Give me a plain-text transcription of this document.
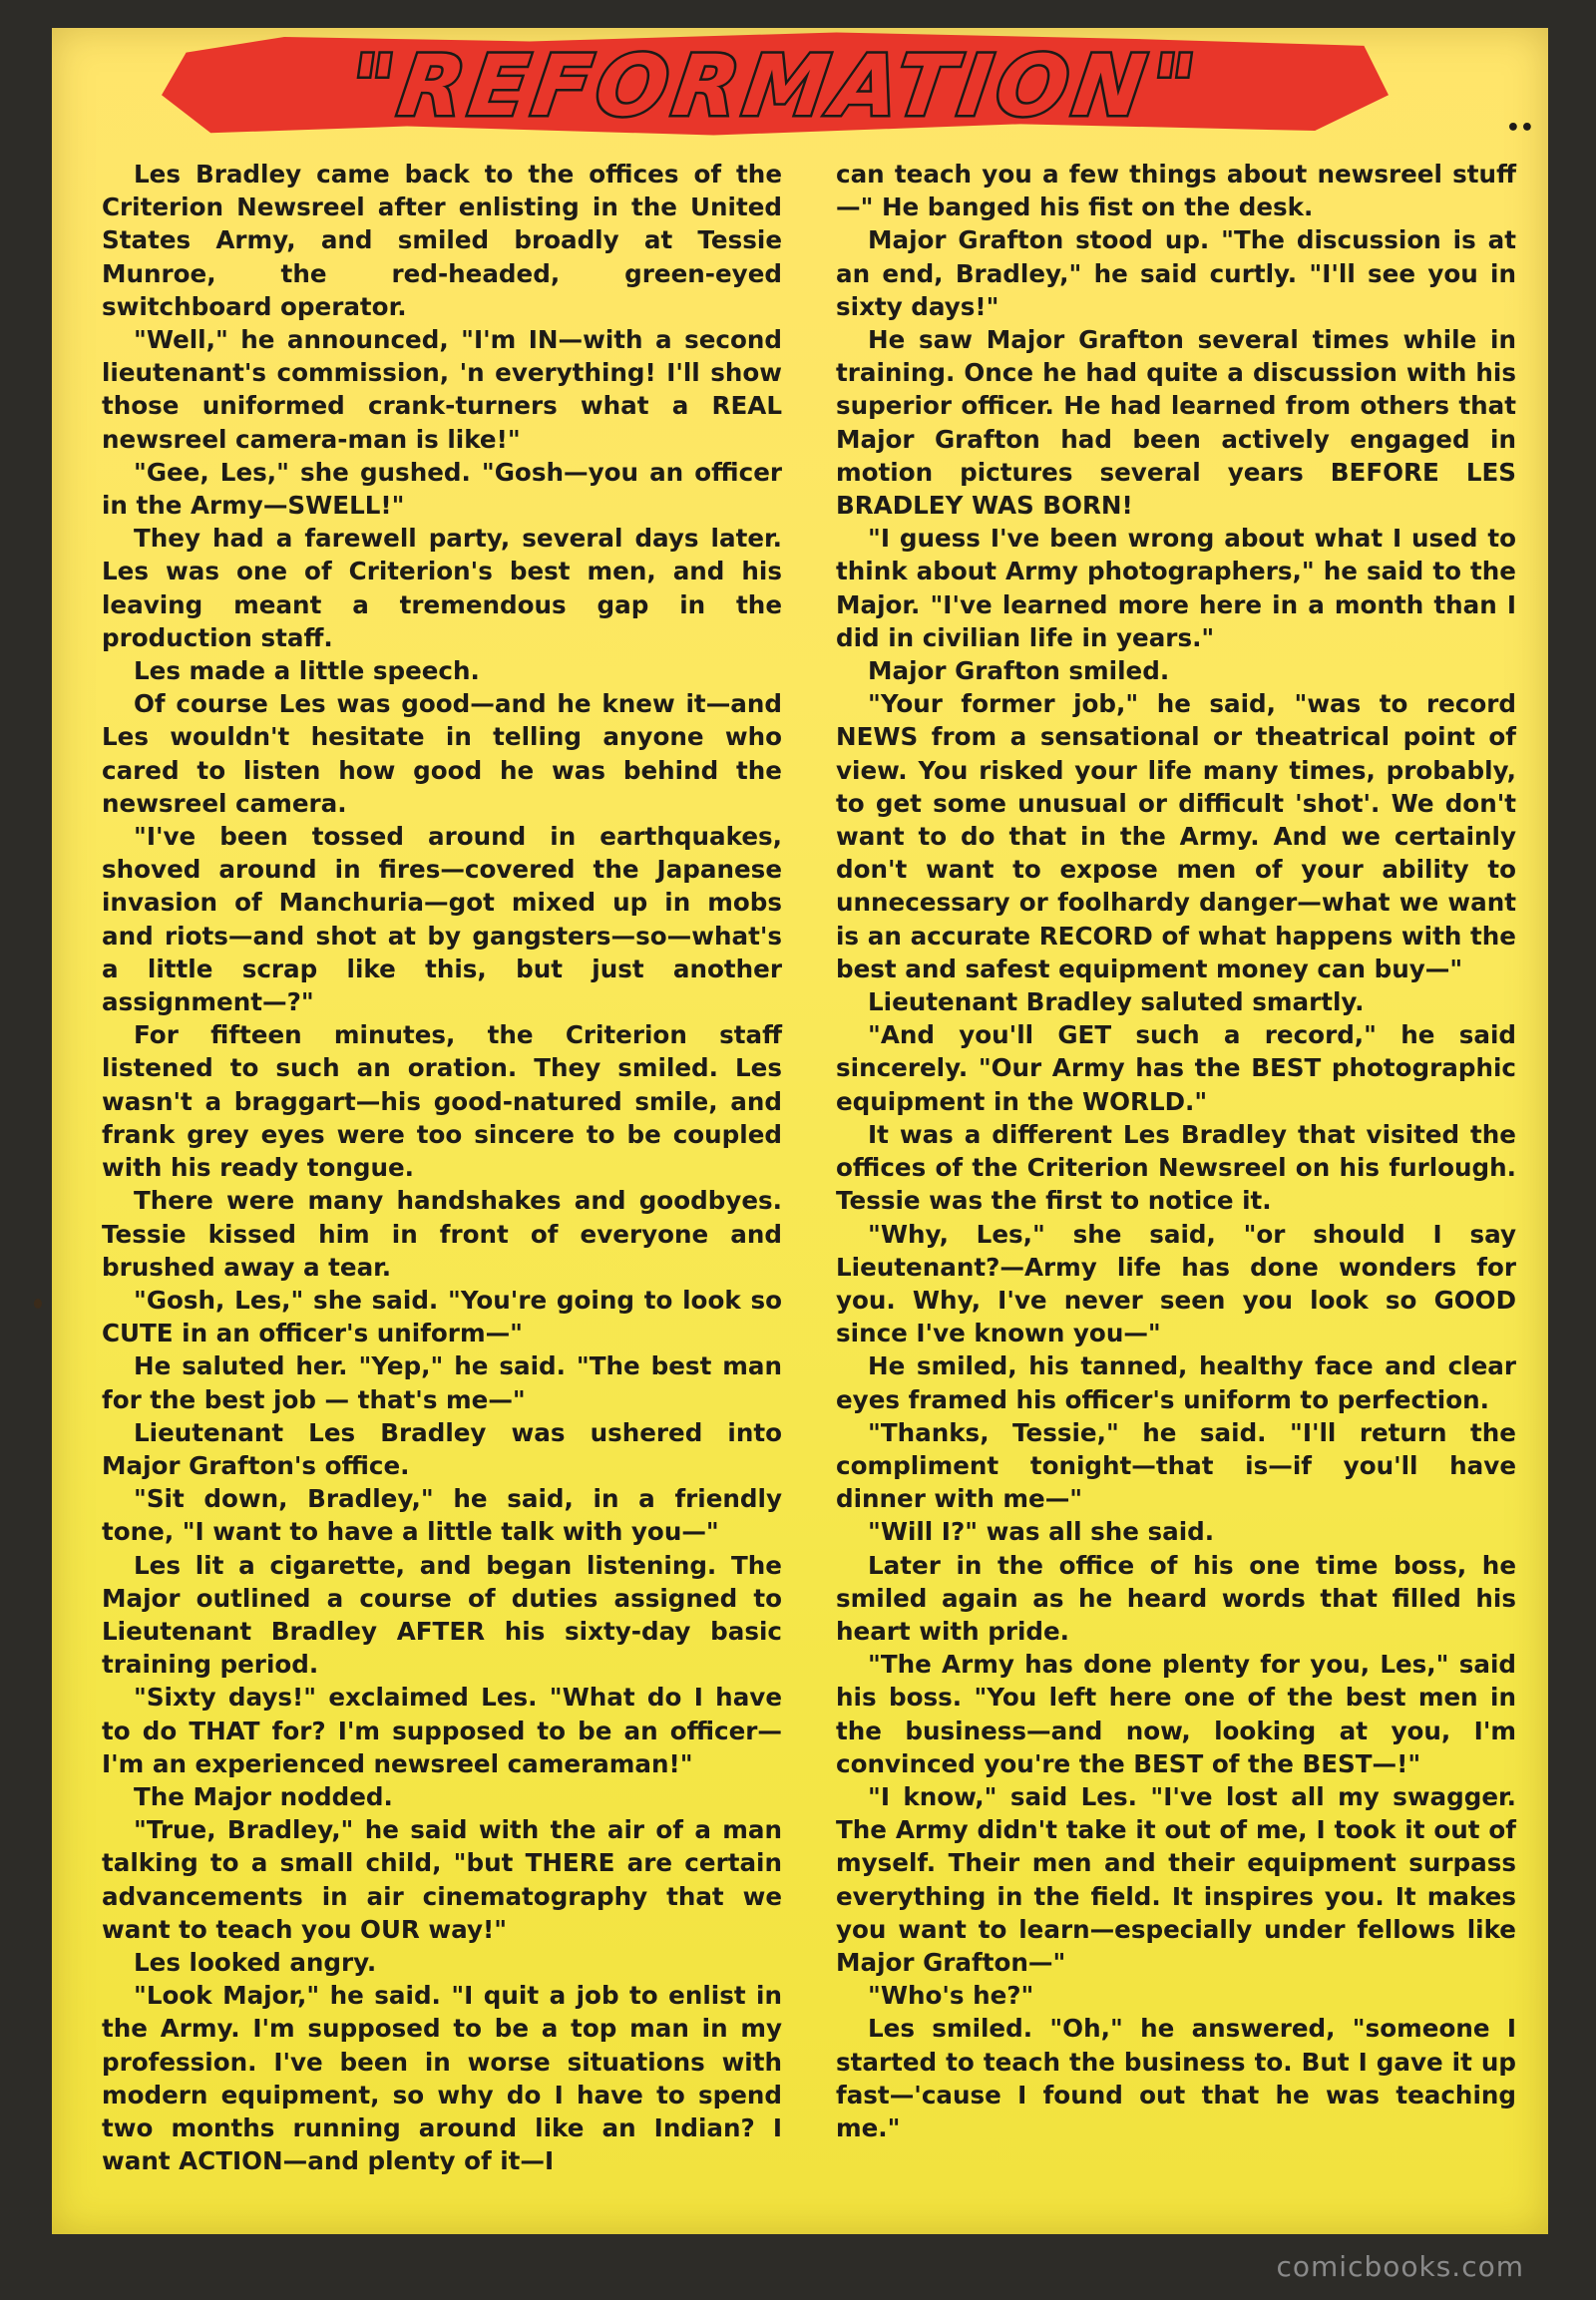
"REFORMATION"	••

Les Bradley came back to the offices of the Criterion Newsreel after enlisting in the United States Army, and smiled broadly at Tessie Munroe, the red-headed, green-eyed switchboard operator.

"Well," he announced, "I'm IN—with a second lieutenant's commission, 'n everything! I'll show those uniformed crank-turners what a REAL newsreel camera-man is like!"

"Gee, Les," she gushed. "Gosh—you an officer in the Army—SWELL!"

They had a farewell party, several days later. Les was one of Criterion's best men, and his leaving meant a tremendous gap in the production staff.

Les made a little speech.

Of course Les was good—and he knew it—and Les wouldn't hesitate in telling anyone who cared to listen how good he was behind the newsreel camera.

"I've been tossed around in earthquakes, shoved around in fires—covered the Japanese invasion of Manchuria—got mixed up in mobs and riots—and shot at by gangsters—so—what's a little scrap like this, but just another assignment—?"

For fifteen minutes, the Criterion staff listened to such an oration. They smiled. Les wasn't a braggart—his good-natured smile, and frank grey eyes were too sincere to be coupled with his ready tongue.

There were many handshakes and goodbyes. Tessie kissed him in front of everyone and brushed away a tear.

"Gosh, Les," she said. "You're going to look so CUTE in an officer's uniform—"

He saluted her. "Yep," he said. "The best man for the best job — that's me—"

Lieutenant Les Bradley was ushered into Major Grafton's office.

"Sit down, Bradley," he said, in a friendly tone, "I want to have a little talk with you—"

Les lit a cigarette, and began listening. The Major outlined a course of duties assigned to Lieutenant Bradley AFTER his sixty-day basic training period.

"Sixty days!" exclaimed Les. "What do I have to do THAT for? I'm supposed to be an officer—I'm an experienced newsreel cameraman!"

The Major nodded.

"True, Bradley," he said with the air of a man talking to a small child, "but THERE are certain advancements in air cinematography that we want to teach you OUR way!"

Les looked angry.

"Look Major," he said. "I quit a job to enlist in the Army. I'm supposed to be a top man in my profession. I've been in worse situations with modern equipment, so why do I have to spend two months running around like an Indian? I want ACTION—and plenty of it—I

can teach you a few things about newsreel stuff—" He banged his fist on the desk.

Major Grafton stood up. "The discussion is at an end, Bradley," he said curtly. "I'll see you in sixty days!"

He saw Major Grafton several times while in training. Once he had quite a discussion with his superior officer. He had learned from others that Major Grafton had been actively engaged in motion pictures several years BEFORE LES BRADLEY WAS BORN!

"I guess I've been wrong about what I used to think about Army photographers," he said to the Major. "I've learned more here in a month than I did in civilian life in years."

Major Grafton smiled.

"Your former job," he said, "was to record NEWS from a sensational or theatrical point of view. You risked your life many times, probably, to get some unusual or difficult 'shot'. We don't want to do that in the Army. And we certainly don't want to expose men of your ability to unnecessary or foolhardy danger—what we want is an accurate RECORD of what happens with the best and safest equipment money can buy—"

Lieutenant Bradley saluted smartly.

"And you'll GET such a record," he said sincerely. "Our Army has the BEST photographic equipment in the WORLD."

It was a different Les Bradley that visited the offices of the Criterion Newsreel on his furlough. Tessie was the first to notice it.

"Why, Les," she said, "or should I say Lieutenant?—Army life has done wonders for you. Why, I've never seen you look so GOOD since I've known you—"

He smiled, his tanned, healthy face and clear eyes framed his officer's uniform to perfection.

"Thanks, Tessie," he said. "I'll return the compliment tonight—that is—if you'll have dinner with me—"

"Will I?" was all she said.

Later in the office of his one time boss, he smiled again as he heard words that filled his heart with pride.

"The Army has done plenty for you, Les," said his boss. "You left here one of the best men in the business—and now, looking at you, I'm convinced you're the BEST of the BEST—!"

"I know," said Les. "I've lost all my swagger. The Army didn't take it out of me, I took it out of myself. Their men and their equipment surpass everything in the field. It inspires you. It makes you want to learn—especially under fellows like Major Grafton—"

"Who's he?"

Les smiled. "Oh," he answered, "someone I started to teach the business to. But I gave it up fast—'cause I found out that he was teaching me."

comicbooks.com
